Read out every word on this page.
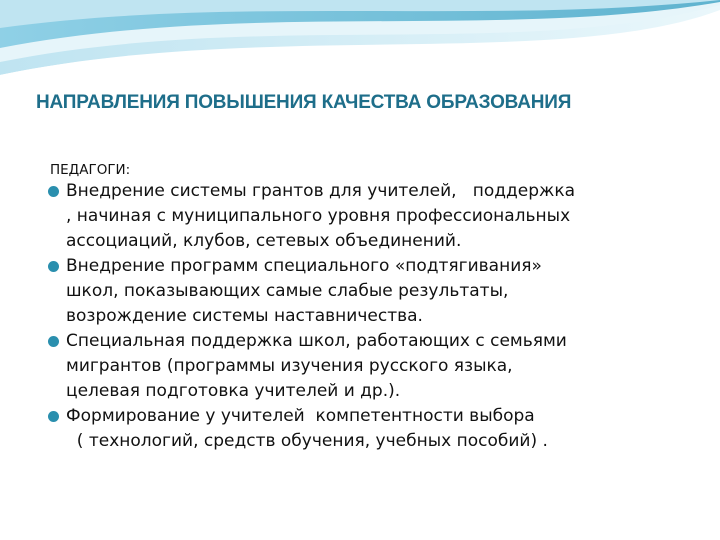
НАПРАВЛЕНИЯ ПОВЫШЕНИЯ КАЧЕСТВА ОБРАЗОВАНИЯ
ПЕДАГОГИ:
Внедрение системы грантов для учителей,   поддержка
, начиная с муниципального уровня профессиональных
ассоциаций, клубов, сетевых объединений.
Внедрение программ специального «подтягивания»
школ, показывающих самые слабые результаты,
возрождение системы наставничества.
Специальная поддержка школ, работающих с семьями
мигрантов (программы изучения русского языка,
целевая подготовка учителей и др.).
Формирование у учителей  компетентности выбора
( технологий, средств обучения, учебных пособий) .
